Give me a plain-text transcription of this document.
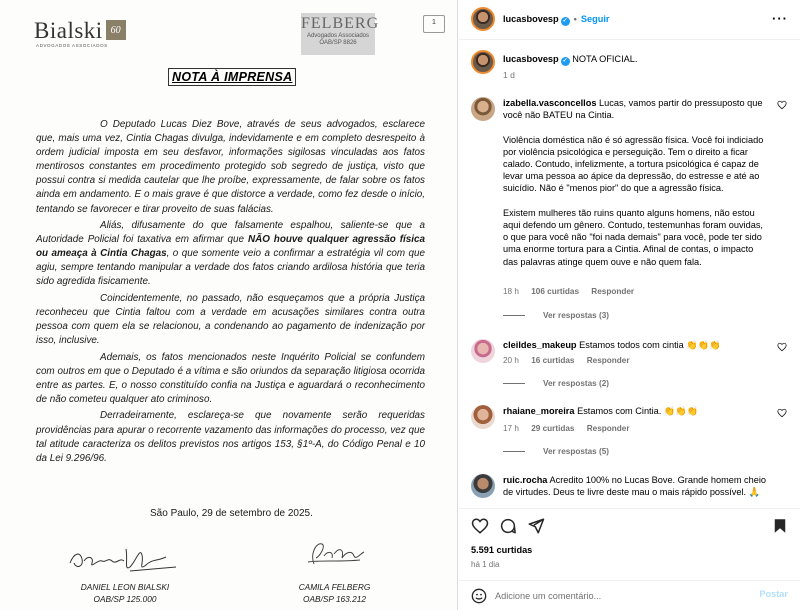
Bialski 60
ADVOGADOS ASSOCIADOS
FELBERG
Advogados Associados
OAB/SP 8826
1
NOTA À IMPRENSA

O Deputado Lucas Diez Bove, através de seus advogados, esclarece que, mais uma vez, Cintia Chagas divulga, indevidamente e em completo desrespeito à ordem judicial imposta em seu desfavor, informações sigilosas vinculadas aos fatos mentirosos constantes em procedimento protegido sob segredo de justiça, visto que possui contra si medida cautelar que lhe proíbe, expressamente, de falar sobre os fatos ainda em andamento. E o mais grave é que distorce a verdade, como fez desde o início, tentando se favorecer e tirar proveito de suas falácias.

Aliás, difusamente do que falsamente espalhou, saliente-se que a Autoridade Policial foi taxativa em afirmar que NÃO houve qualquer agressão física ou ameaça à Cintia Chagas, o que somente veio a confirmar a estratégia vil com que agiu, sempre tentando manipular a verdade dos fatos criando ardilosa história que teria sido agredida fisicamente.

Coincidentemente, no passado, não esqueçamos que a própria Justiça reconheceu que Cintia faltou com a verdade em acusações similares contra outra pessoa com quem ela se relacionou, a condenando ao pagamento de indenização por isso, inclusive.

Ademais, os fatos mencionados neste Inquérito Policial se confundem com outros em que o Deputado é a vítima e são oriundos da separação litigiosa ocorrida entre as partes. E, o nosso constituído confia na Justiça e aguardará o reconhecimento de não cometeu qualquer ato criminoso.

Derradeiramente, esclareça-se que novamente serão requeridas providências para apurar o recorrente vazamento das informações do processo, vez que tal atitude caracteriza os delitos previstos nos artigos 153, §1º-A, do Código Penal e 10 da Lei 9.296/96.

São Paulo, 29 de setembro de 2025.
DANIEL LEON BIALSKI
OAB/SP 125.000
CAMILA FELBERG
OAB/SP 163.212
lucasbovesp ✓ • Seguir	···
lucasbovesp ✓ NOTA OFICIAL.
1 d

izabella.vasconcellos Lucas, vamos partir do pressuposto que você não BATEU na Cintia.

Violência doméstica não é só agressão física. Você foi indiciado por violência psicológica e perseguição. Tem o direito a ficar calado. Contudo, infelizmente, a tortura psicológica é capaz de levar uma pessoa ao ápice da depressão, do estresse e até ao suicídio. Não é "menos pior" do que a agressão física.

Existem mulheres tão ruins quanto alguns homens, não estou aqui defendo um gênero. Contudo, testemunhas foram ouvidas, o que para você não "foi nada demais" para você, pode ter sido uma enorme tortura para a Cintia. Afinal de contas, o impacto das palavras atinge quem ouve e não quem fala.

18 h 106 curtidas Responder
Ver respostas (3)

cleildes_makeup Estamos todos com cintia 👏👏👏

20 h 16 curtidas Responder
Ver respostas (2)

rhaiane_moreira Estamos com Cintia. 👏👏👏

17 h 29 curtidas Responder
Ver respostas (5)

ruic.rocha Acredito 100% no Lucas Bove. Grande homem cheio de virtudes. Deus te livre deste mau o mais rápido possível. 🙏

5.591 curtidas
há 1 dia
Adicione um comentário...
Postar
